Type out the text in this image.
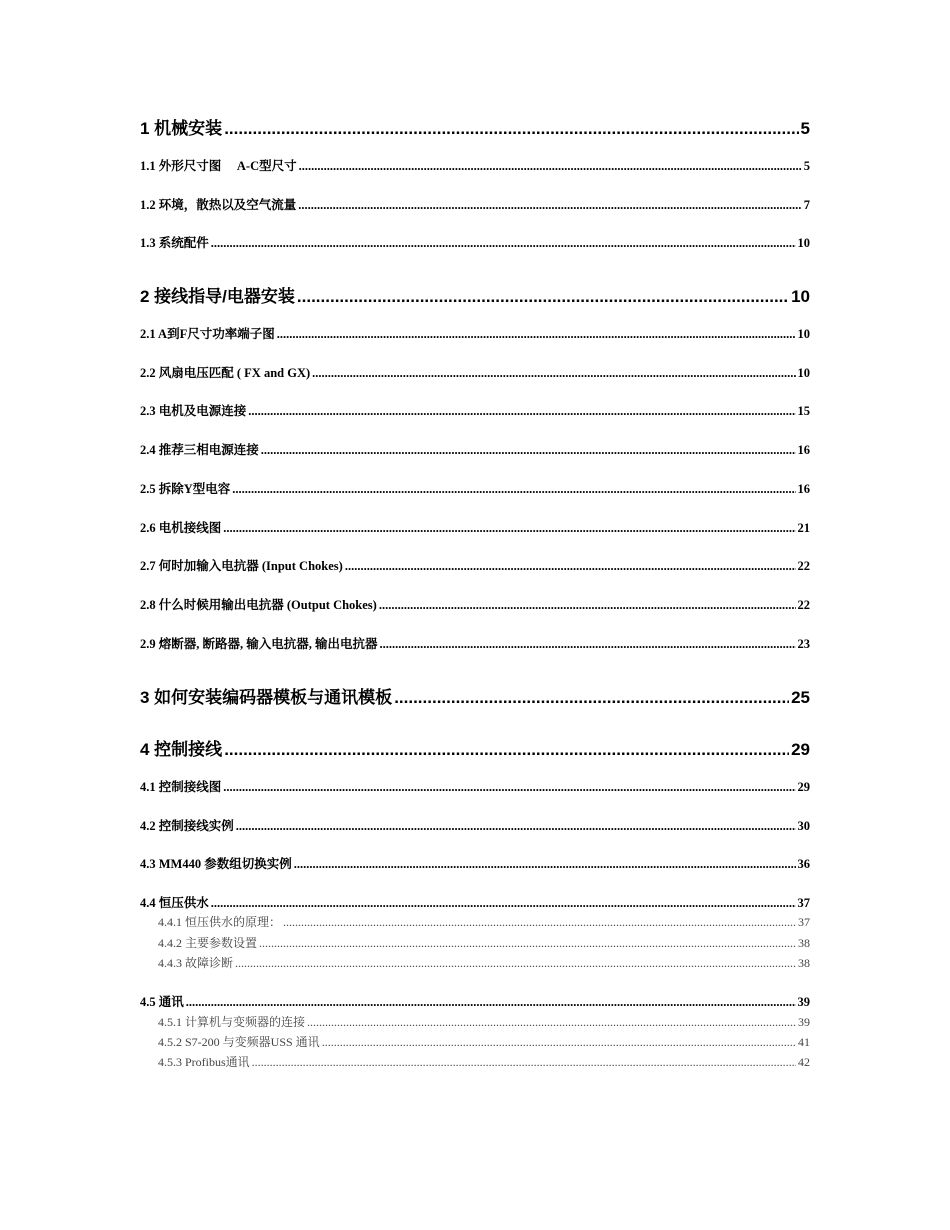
1 机械安装 .....	5
1.1 外形尺寸图　 A-C型尺寸 .....	5
1.2 环境，散热以及空气流量 .....	7
1.3 系统配件 .....	10
2 接线指导/电器安装 .....	10
2.1 A到F尺寸功率端子图 .....	10
2.2 风扇电压匹配 ( FX and GX) .....	10
2.3 电机及电源连接 .....	15
2.4 推荐三相电源连接 .....	16
2.5 拆除Y型电容 .....	16
2.6 电机接线图 .....	21
2.7 何时加输入电抗器 (Input Chokes) .....	22
2.8 什么时候用输出电抗器 (Output Chokes) .....	22
2.9 熔断器, 断路器, 输入电抗器, 输出电抗器 .....	23
3 如何安装编码器模板与通讯模板 .....	25
4 控制接线 .....	29
4.1 控制接线图 .....	29
4.2 控制接线实例 .....	30
4.3 MM440 参数组切换实例 .....	36
4.4 恒压供水 .....	37
4.4.1 恒压供水的原理： .....	37
4.4.2 主要参数设置 .....	38
4.4.3 故障诊断 .....	38
4.5 通讯 .....	39
4.5.1 计算机与变频器的连接 .....	39
4.5.2 S7-200 与变频器USS 通讯 .....	41
4.5.3 Profibus通讯 .....	42
